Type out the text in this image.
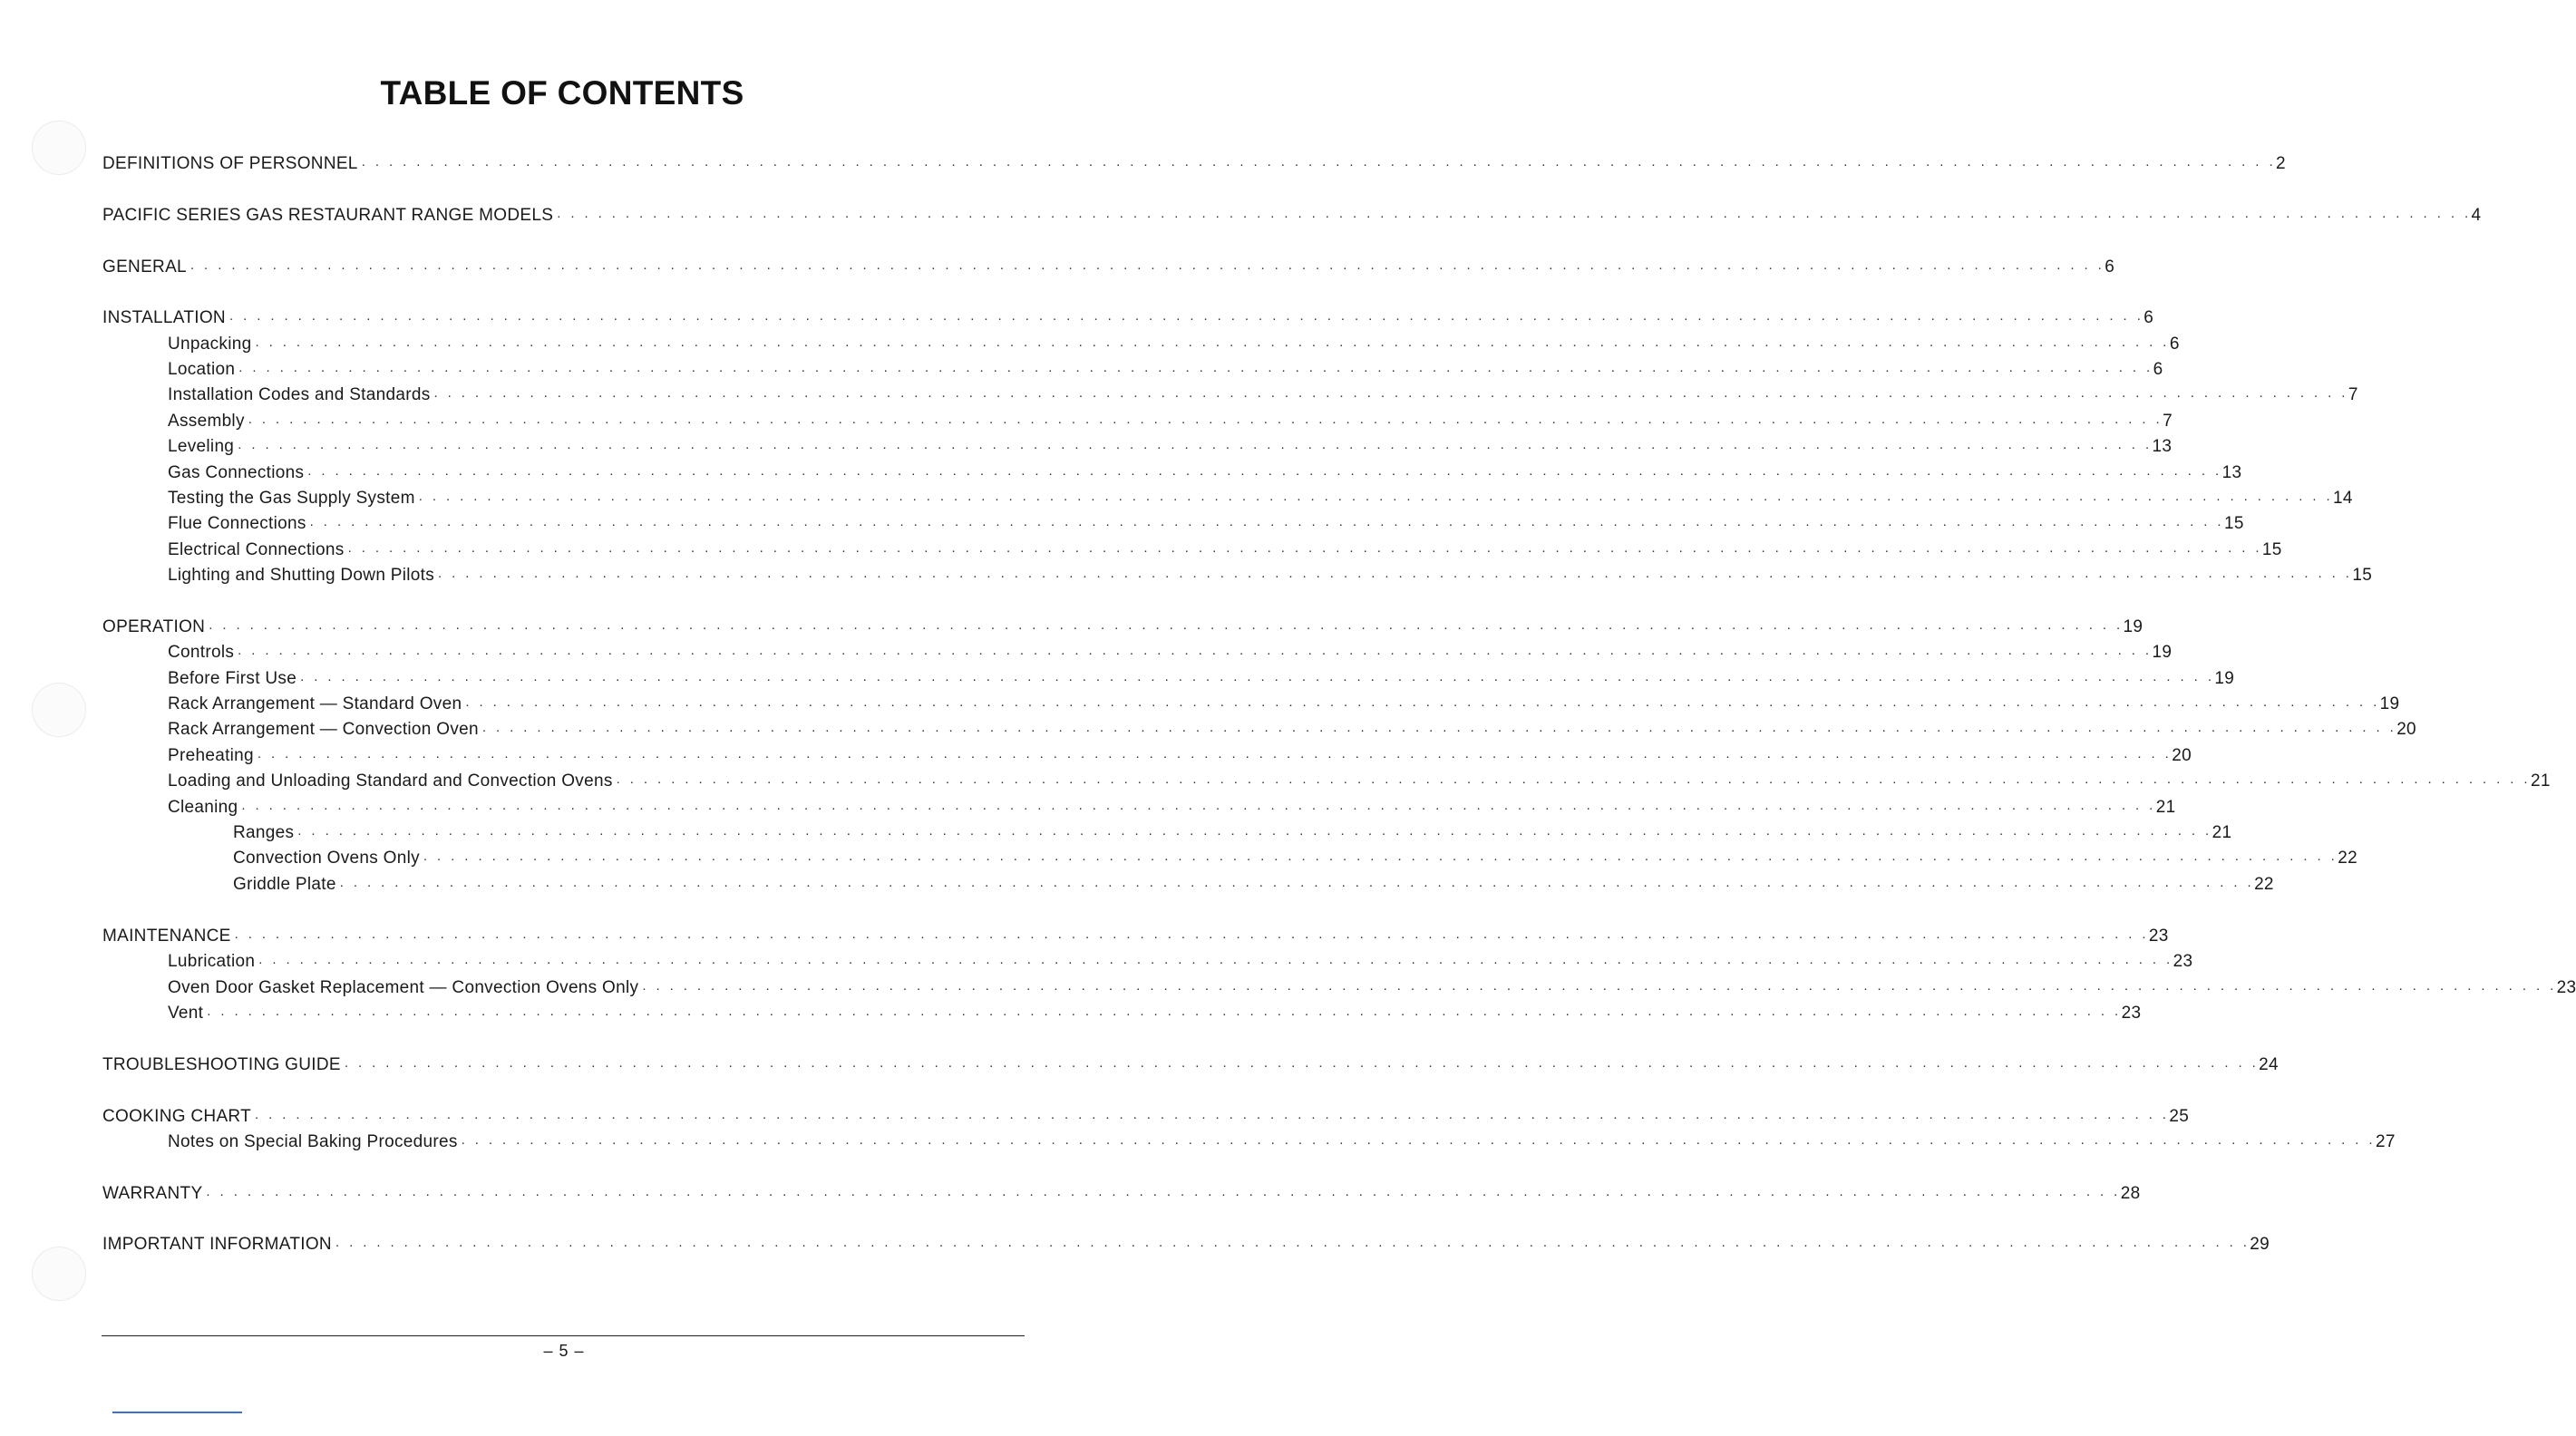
TABLE OF CONTENTS
DEFINITIONS OF PERSONNEL . . . . . . . . . . . . . . . . . . . . . . . . . . . . . . . . . . . . . . . . . . . . . . . . . . . . . . . . . . . . . . . . . . . . . . . . . . . . . . . . . . . . . . . . . . . . . . . . . . . . . . . . . . . . . . . . . . . . . . . . . . . . . . . . . . . . . . . . . . . . 2
PACIFIC SERIES GAS RESTAURANT RANGE MODELS . . . . . . . . . . . . . . . . . . . . . . . . . . . . . . . . . . . . . . . . . . . . . . . . . . . . . . . . . . . . . . . . . . . . . . . . . . . . . . . . . . . . . . . . . . . . . . . . . . . . . . . . . . . . . . . . . . . . . . . . . . . . . . . . . . . . . . . . . . . . 4
GENERAL . . . . . . . . . . . . . . . . . . . . . . . . . . . . . . . . . . . . . . . . . . . . . . . . . . . . . . . . . . . . . . . . . . . . . . . . . . . . . . . . . . . . . . . . . . . . . . . . . . . . . . . . . . . . . . . . . . . . . . . . . . . . . . . . . . . . . . . . . . . . 6
INSTALLATION . . . . . . . . . . . . . . . . . . . . . . . . . . . . . . . . . . . . . . . . . . . . . . . . . . . . . . . . . . . . . . . . . . . . . . . . . . . . . . . . . . . . . . . . . . . . . . . . . . . . . . . . . . . . . . . . . . . . . . . . . . . . . . . . . . . . . . . . . . . . 6
Unpacking . . . . . . . . . . . . . . . . . . . . . . . . . . . . . . . . . . . . . . . . . . . . . . . . . . . . . . . . . . . . . . . . . . . . . . . . . . . . . . . . . . . . . . . . . . . . . . . . . . . . . . . . . . . . . . . . . . . . . . . . . . . . . . . . . . . . . . . . . . . . 6
Location . . . . . . . . . . . . . . . . . . . . . . . . . . . . . . . . . . . . . . . . . . . . . . . . . . . . . . . . . . . . . . . . . . . . . . . . . . . . . . . . . . . . . . . . . . . . . . . . . . . . . . . . . . . . . . . . . . . . . . . . . . . . . . . . . . . . . . . . . . . . 6
Installation Codes and Standards . . . . . . . . . . . . . . . . . . . . . . . . . . . . . . . . . . . . . . . . . . . . . . . . . . . . . . . . . . . . . . . . . . . . . . . . . . . . . . . . . . . . . . . . . . . . . . . . . . . . . . . . . . . . . . . . . . . . . . . . . . . . . . . . . . . . . . . . . . . . 7
Assembly . . . . . . . . . . . . . . . . . . . . . . . . . . . . . . . . . . . . . . . . . . . . . . . . . . . . . . . . . . . . . . . . . . . . . . . . . . . . . . . . . . . . . . . . . . . . . . . . . . . . . . . . . . . . . . . . . . . . . . . . . . . . . . . . . . . . . . . . . . . . 7
Leveling . . . . . . . . . . . . . . . . . . . . . . . . . . . . . . . . . . . . . . . . . . . . . . . . . . . . . . . . . . . . . . . . . . . . . . . . . . . . . . . . . . . . . . . . . . . . . . . . . . . . . . . . . . . . . . . . . . . . . . . . . . . . . . . . . . . . . . . . . . . . 13
Gas Connections . . . . . . . . . . . . . . . . . . . . . . . . . . . . . . . . . . . . . . . . . . . . . . . . . . . . . . . . . . . . . . . . . . . . . . . . . . . . . . . . . . . . . . . . . . . . . . . . . . . . . . . . . . . . . . . . . . . . . . . . . . . . . . . . . . . . . . . . . . . . 13
Testing the Gas Supply System . . . . . . . . . . . . . . . . . . . . . . . . . . . . . . . . . . . . . . . . . . . . . . . . . . . . . . . . . . . . . . . . . . . . . . . . . . . . . . . . . . . . . . . . . . . . . . . . . . . . . . . . . . . . . . . . . . . . . . . . . . . . . . . . . . . . . . . . . . . . 14
Flue Connections . . . . . . . . . . . . . . . . . . . . . . . . . . . . . . . . . . . . . . . . . . . . . . . . . . . . . . . . . . . . . . . . . . . . . . . . . . . . . . . . . . . . . . . . . . . . . . . . . . . . . . . . . . . . . . . . . . . . . . . . . . . . . . . . . . . . . . . . . . . . 15
Electrical Connections . . . . . . . . . . . . . . . . . . . . . . . . . . . . . . . . . . . . . . . . . . . . . . . . . . . . . . . . . . . . . . . . . . . . . . . . . . . . . . . . . . . . . . . . . . . . . . . . . . . . . . . . . . . . . . . . . . . . . . . . . . . . . . . . . . . . . . . . . . . . 15
Lighting and Shutting Down Pilots . . . . . . . . . . . . . . . . . . . . . . . . . . . . . . . . . . . . . . . . . . . . . . . . . . . . . . . . . . . . . . . . . . . . . . . . . . . . . . . . . . . . . . . . . . . . . . . . . . . . . . . . . . . . . . . . . . . . . . . . . . . . . . . . . . . . . . . . . . . . 15
OPERATION . . . . . . . . . . . . . . . . . . . . . . . . . . . . . . . . . . . . . . . . . . . . . . . . . . . . . . . . . . . . . . . . . . . . . . . . . . . . . . . . . . . . . . . . . . . . . . . . . . . . . . . . . . . . . . . . . . . . . . . . . . . . . . . . . . . . . . . . . . . . 19
Controls . . . . . . . . . . . . . . . . . . . . . . . . . . . . . . . . . . . . . . . . . . . . . . . . . . . . . . . . . . . . . . . . . . . . . . . . . . . . . . . . . . . . . . . . . . . . . . . . . . . . . . . . . . . . . . . . . . . . . . . . . . . . . . . . . . . . . . . . . . . . 19
Before First Use . . . . . . . . . . . . . . . . . . . . . . . . . . . . . . . . . . . . . . . . . . . . . . . . . . . . . . . . . . . . . . . . . . . . . . . . . . . . . . . . . . . . . . . . . . . . . . . . . . . . . . . . . . . . . . . . . . . . . . . . . . . . . . . . . . . . . . . . . . . . 19
Rack Arrangement — Standard Oven . . . . . . . . . . . . . . . . . . . . . . . . . . . . . . . . . . . . . . . . . . . . . . . . . . . . . . . . . . . . . . . . . . . . . . . . . . . . . . . . . . . . . . . . . . . . . . . . . . . . . . . . . . . . . . . . . . . . . . . . . . . . . . . . . . . . . . . . . . . . 19
Rack Arrangement — Convection Oven . . . . . . . . . . . . . . . . . . . . . . . . . . . . . . . . . . . . . . . . . . . . . . . . . . . . . . . . . . . . . . . . . . . . . . . . . . . . . . . . . . . . . . . . . . . . . . . . . . . . . . . . . . . . . . . . . . . . . . . . . . . . . . . . . . . . . . . . . . . . 20
Preheating . . . . . . . . . . . . . . . . . . . . . . . . . . . . . . . . . . . . . . . . . . . . . . . . . . . . . . . . . . . . . . . . . . . . . . . . . . . . . . . . . . . . . . . . . . . . . . . . . . . . . . . . . . . . . . . . . . . . . . . . . . . . . . . . . . . . . . . . . . . . 20
Loading and Unloading Standard and Convection Ovens . . . . . . . . . . . . . . . . . . . . . . . . . . . . . . . . . . . . . . . . . . . . . . . . . . . . . . . . . . . . . . . . . . . . . . . . . . . . . . . . . . . . . . . . . . . . . . . . . . . . . . . . . . . . . . . . . . . . . . . . . . . . . . . . . . . . . . . . . . . . 21
Cleaning . . . . . . . . . . . . . . . . . . . . . . . . . . . . . . . . . . . . . . . . . . . . . . . . . . . . . . . . . . . . . . . . . . . . . . . . . . . . . . . . . . . . . . . . . . . . . . . . . . . . . . . . . . . . . . . . . . . . . . . . . . . . . . . . . . . . . . . . . . . . 21
Ranges . . . . . . . . . . . . . . . . . . . . . . . . . . . . . . . . . . . . . . . . . . . . . . . . . . . . . . . . . . . . . . . . . . . . . . . . . . . . . . . . . . . . . . . . . . . . . . . . . . . . . . . . . . . . . . . . . . . . . . . . . . . . . . . . . . . . . . . . . . . . 21
Convection Ovens Only . . . . . . . . . . . . . . . . . . . . . . . . . . . . . . . . . . . . . . . . . . . . . . . . . . . . . . . . . . . . . . . . . . . . . . . . . . . . . . . . . . . . . . . . . . . . . . . . . . . . . . . . . . . . . . . . . . . . . . . . . . . . . . . . . . . . . . . . . . . . 22
Griddle Plate . . . . . . . . . . . . . . . . . . . . . . . . . . . . . . . . . . . . . . . . . . . . . . . . . . . . . . . . . . . . . . . . . . . . . . . . . . . . . . . . . . . . . . . . . . . . . . . . . . . . . . . . . . . . . . . . . . . . . . . . . . . . . . . . . . . . . . . . . . . . 22
MAINTENANCE . . . . . . . . . . . . . . . . . . . . . . . . . . . . . . . . . . . . . . . . . . . . . . . . . . . . . . . . . . . . . . . . . . . . . . . . . . . . . . . . . . . . . . . . . . . . . . . . . . . . . . . . . . . . . . . . . . . . . . . . . . . . . . . . . . . . . . . . . . . . 23
Lubrication . . . . . . . . . . . . . . . . . . . . . . . . . . . . . . . . . . . . . . . . . . . . . . . . . . . . . . . . . . . . . . . . . . . . . . . . . . . . . . . . . . . . . . . . . . . . . . . . . . . . . . . . . . . . . . . . . . . . . . . . . . . . . . . . . . . . . . . . . . . . 23
Oven Door Gasket Replacement — Convection Ovens Only . . . . . . . . . . . . . . . . . . . . . . . . . . . . . . . . . . . . . . . . . . . . . . . . . . . . . . . . . . . . . . . . . . . . . . . . . . . . . . . . . . . . . . . . . . . . . . . . . . . . . . . . . . . . . . . . . . . . . . . . . . . . . . . . . . . . . . . . . . . . 23
Vent . . . . . . . . . . . . . . . . . . . . . . . . . . . . . . . . . . . . . . . . . . . . . . . . . . . . . . . . . . . . . . . . . . . . . . . . . . . . . . . . . . . . . . . . . . . . . . . . . . . . . . . . . . . . . . . . . . . . . . . . . . . . . . . . . . . . . . . . . . . . 23
TROUBLESHOOTING GUIDE . . . . . . . . . . . . . . . . . . . . . . . . . . . . . . . . . . . . . . . . . . . . . . . . . . . . . . . . . . . . . . . . . . . . . . . . . . . . . . . . . . . . . . . . . . . . . . . . . . . . . . . . . . . . . . . . . . . . . . . . . . . . . . . . . . . . . . . . . . . . 24
COOKING CHART . . . . . . . . . . . . . . . . . . . . . . . . . . . . . . . . . . . . . . . . . . . . . . . . . . . . . . . . . . . . . . . . . . . . . . . . . . . . . . . . . . . . . . . . . . . . . . . . . . . . . . . . . . . . . . . . . . . . . . . . . . . . . . . . . . . . . . . . . . . . 25
Notes on Special Baking Procedures . . . . . . . . . . . . . . . . . . . . . . . . . . . . . . . . . . . . . . . . . . . . . . . . . . . . . . . . . . . . . . . . . . . . . . . . . . . . . . . . . . . . . . . . . . . . . . . . . . . . . . . . . . . . . . . . . . . . . . . . . . . . . . . . . . . . . . . . . . . . 27
WARRANTY . . . . . . . . . . . . . . . . . . . . . . . . . . . . . . . . . . . . . . . . . . . . . . . . . . . . . . . . . . . . . . . . . . . . . . . . . . . . . . . . . . . . . . . . . . . . . . . . . . . . . . . . . . . . . . . . . . . . . . . . . . . . . . . . . . . . . . . . . . . . 28
IMPORTANT INFORMATION . . . . . . . . . . . . . . . . . . . . . . . . . . . . . . . . . . . . . . . . . . . . . . . . . . . . . . . . . . . . . . . . . . . . . . . . . . . . . . . . . . . . . . . . . . . . . . . . . . . . . . . . . . . . . . . . . . . . . . . . . . . . . . . . . . . . . . . . . . . . 29
– 5 –
